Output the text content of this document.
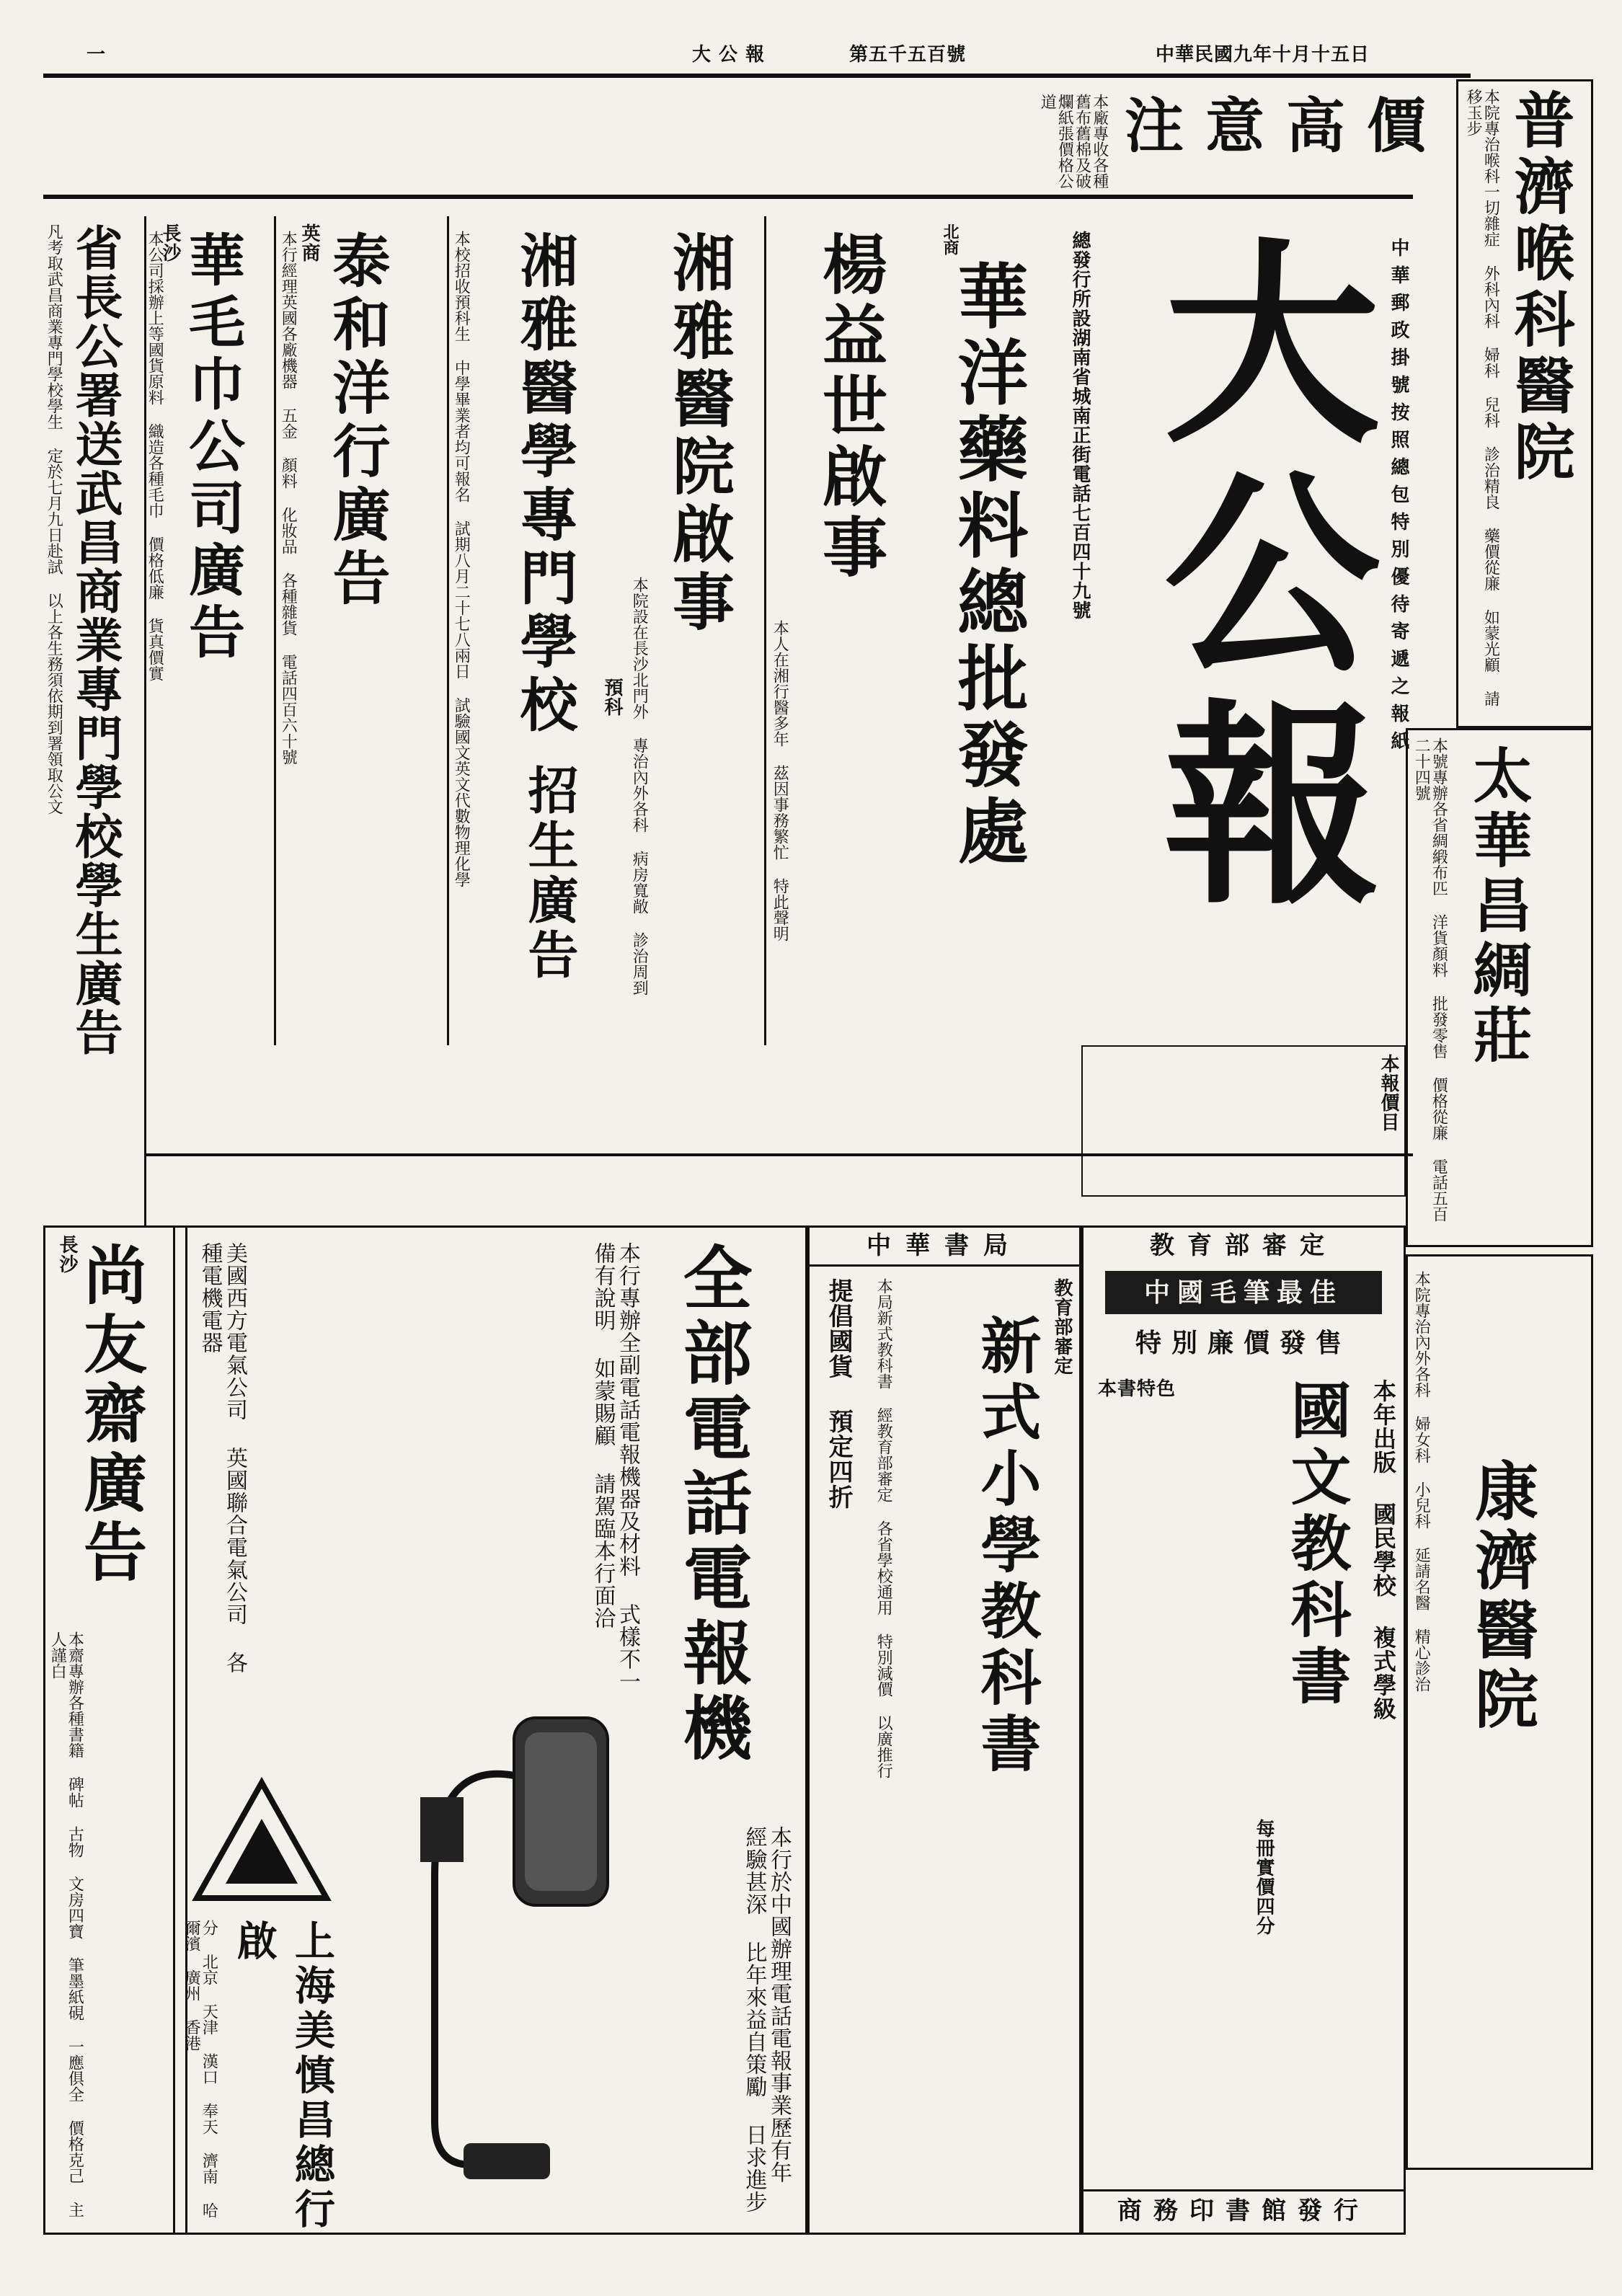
中華民國九年十月十五日
第五千五百號
大 公 報
一
普濟喉科醫院
本院專治喉科一切雜症 外科內科 婦科 兒科 診治精良 藥價從廉 如蒙光顧 請移玉步
太華昌綢莊
本號專辦各省綢緞布匹 洋貨顏料 批發零售 價格從廉 電話五百二十四號
康濟醫院
本院專治內外各科 婦女科 小兒科 延請名醫 精心診治
大公報 中華郵政掛號按照總包特別優待寄遞之報紙
注意高價
本廠專收各種舊布舊棉及破爛紙張價格公道
北商
華洋藥料總批發處	總發行所設湖南省城南正街電話七百四十九號
楊益世啟事
本人在湘行醫多年 茲因事務繁忙 特此聲明
湘雅醫院啟事
本院設在長沙北門外 專治內外各科 病房寬敞 診治周到
湘雅醫學專門學校	預科
招生廣告
本校招收預科生 中學畢業者均可報名 試期八月二十七八兩日 試驗國文英文代數物理化學
英商 泰和洋行廣告
本行經理英國各廠機器 五金 顏料 化妝品 各種雜貨 電話四百六十號
長沙
華毛巾公司廣告
本公司採辦上等國貨原料 織造各種毛巾 價格低廉 貨真價實
省長公署送武昌商業專門學校學生廣告
凡考取武昌商業專門學校學生 定於七月九日赴試 以上各生務須依期到署領取公文
長沙
尚友齋廣告
本齋專辦各種書籍 碑帖 古物 文房四寶 筆墨紙硯 一應俱全 價格克己 主人謹白	全部電話電報機
本行專辦全副電話電報機器及材料 式樣不一 備有說明 如蒙賜顧 請駕臨本行面洽
本行於中國辦理電話電報事業歷有年 經驗甚深 比年來益自策勵 日求進步
美國西方電氣公司 英國聯合電氣公司 各種電機電器
上海美慎昌總行啟
分 北京 天津 漢口 奉天 濟南 哈爾濱 廣州 香港
中華書局
新式小學教科書 教育部審定
提倡國貨 預定四折 本局新式教科書 經教育部審定 各省學校通用 特別減價 以廣推行
教育部審定
中國毛筆最佳
特別廉價發售
國文教科書 本年出版 國民學校 複式學級
本書特色
每冊實價四分
商務印書館發行
本報價目
